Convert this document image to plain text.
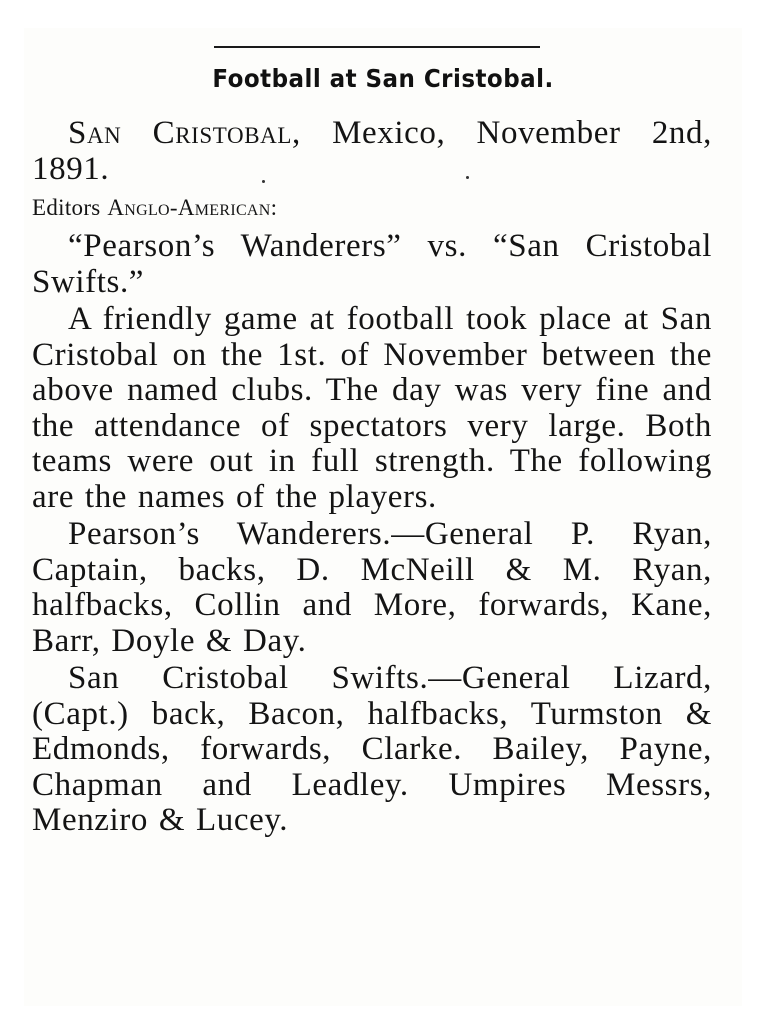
Football at San Cristobal.

San Cristobal, Mexico, November 2nd, 1891.

Editors Anglo-American:

“Pearson’s Wanderers” vs. “San Cristobal Swifts.”

A friendly game at football took place at San Cristobal on the 1st. of November between the above named clubs. The day was very fine and the attendance of spectators very large. Both teams were out in full strength. The following are the names of the players.

Pearson’s Wanderers.—General P. Ryan, Captain, backs, D. McNeill & M. Ryan, halfbacks, Collin and More, forwards, Kane, Barr, Doyle & Day.

San Cristobal Swifts.—General Lizard, (Capt.) back, Bacon, halfbacks, Turmston & Edmonds, forwards, Clarke. Bailey, Payne, Chapman and Leadley. Umpires Messrs, Menziro & Lucey.
